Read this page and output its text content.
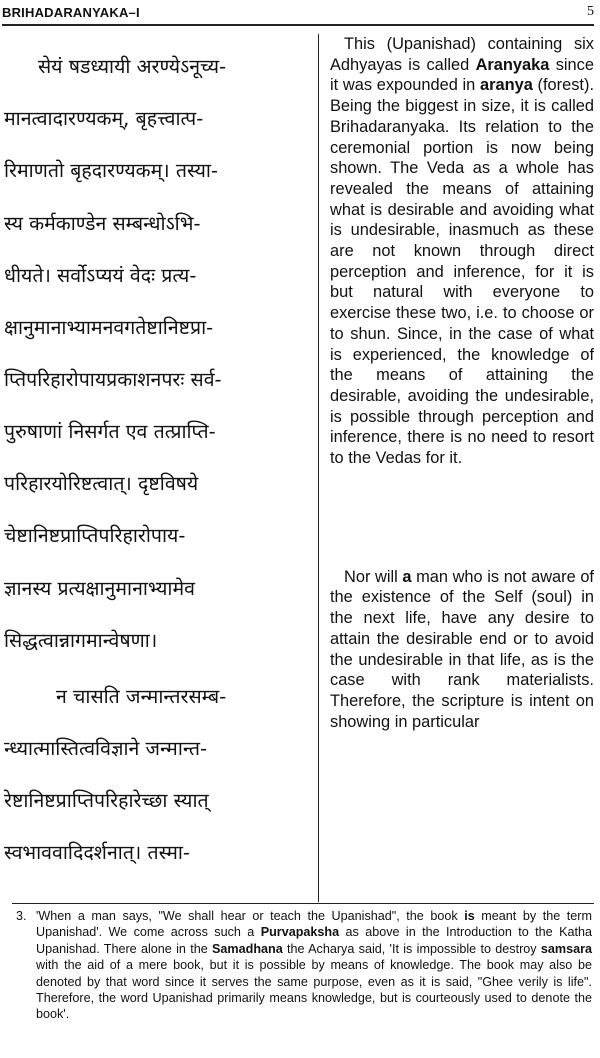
BRIHADARANYAKA–I	5
सेयं षडध्यायी अरण्येऽनूच्य-
मानत्वादारण्यकम्, बृहत्त्वात्प-
रिमाणतो बृहदारण्यकम्। तस्या-
स्य कर्मकाण्डेन सम्बन्धोऽभि-
धीयते। सर्वोऽप्ययं वेदः प्रत्य-
क्षानुमानाभ्यामनवगतेष्टानिष्टप्रा-
प्तिपरिहारोपायप्रकाशनपरः सर्व-
पुरुषाणां निसर्गत एव तत्प्राप्ति-
परिहारयोरिष्टत्वात्। दृष्टविषये
चेष्टानिष्टप्राप्तिपरिहारोपाय-
ज्ञानस्य प्रत्यक्षानुमानाभ्यामेव
सिद्धत्वान्नागमान्वेषणा।
न चासति जन्मान्तरसम्ब-
न्ध्यात्मास्तित्वविज्ञाने जन्मान्त-
रेष्टानिष्टप्राप्तिपरिहारेच्छा स्यात्
स्वभाववादिदर्शनात्। तस्मा-

This (Upanishad) containing six Adhyayas is called Aranyaka since it was expounded in aranya (forest). Being the biggest in size, it is called Brihadaranyaka. Its relation to the ceremonial portion is now being shown. The Veda as a whole has revealed the means of attaining what is desirable and avoiding what is undesirable, inasmuch as these are not known through direct perception and inference, for it is but natural with everyone to exercise these two, i.e. to choose or to shun. Since, in the case of what is experienced, the knowledge of the means of attaining the desirable, avoiding the undesirable, is possible through perception and inference, there is no need to resort to the Vedas for it.

Nor will a man who is not aware of the existence of the Self (soul) in the next life, have any desire to attain the desirable end or to avoid the undesirable in that life, as is the case with rank materialists. Therefore, the scripture is intent on showing in particular

3. 'When a man says, "We shall hear or teach the Upanishad", the book is meant by the term Upanishad'. We come across such a Purvapaksha as above in the Introduction to the Katha Upanishad. There alone in the Samadhana the Acharya said, 'It is impossible to destroy samsara with the aid of a mere book, but it is possible by means of knowledge. The book may also be denoted by that word since it serves the same purpose, even as it is said, "Ghee verily is life". Therefore, the word Upanishad primarily means knowledge, but is courteously used to denote the book'.
